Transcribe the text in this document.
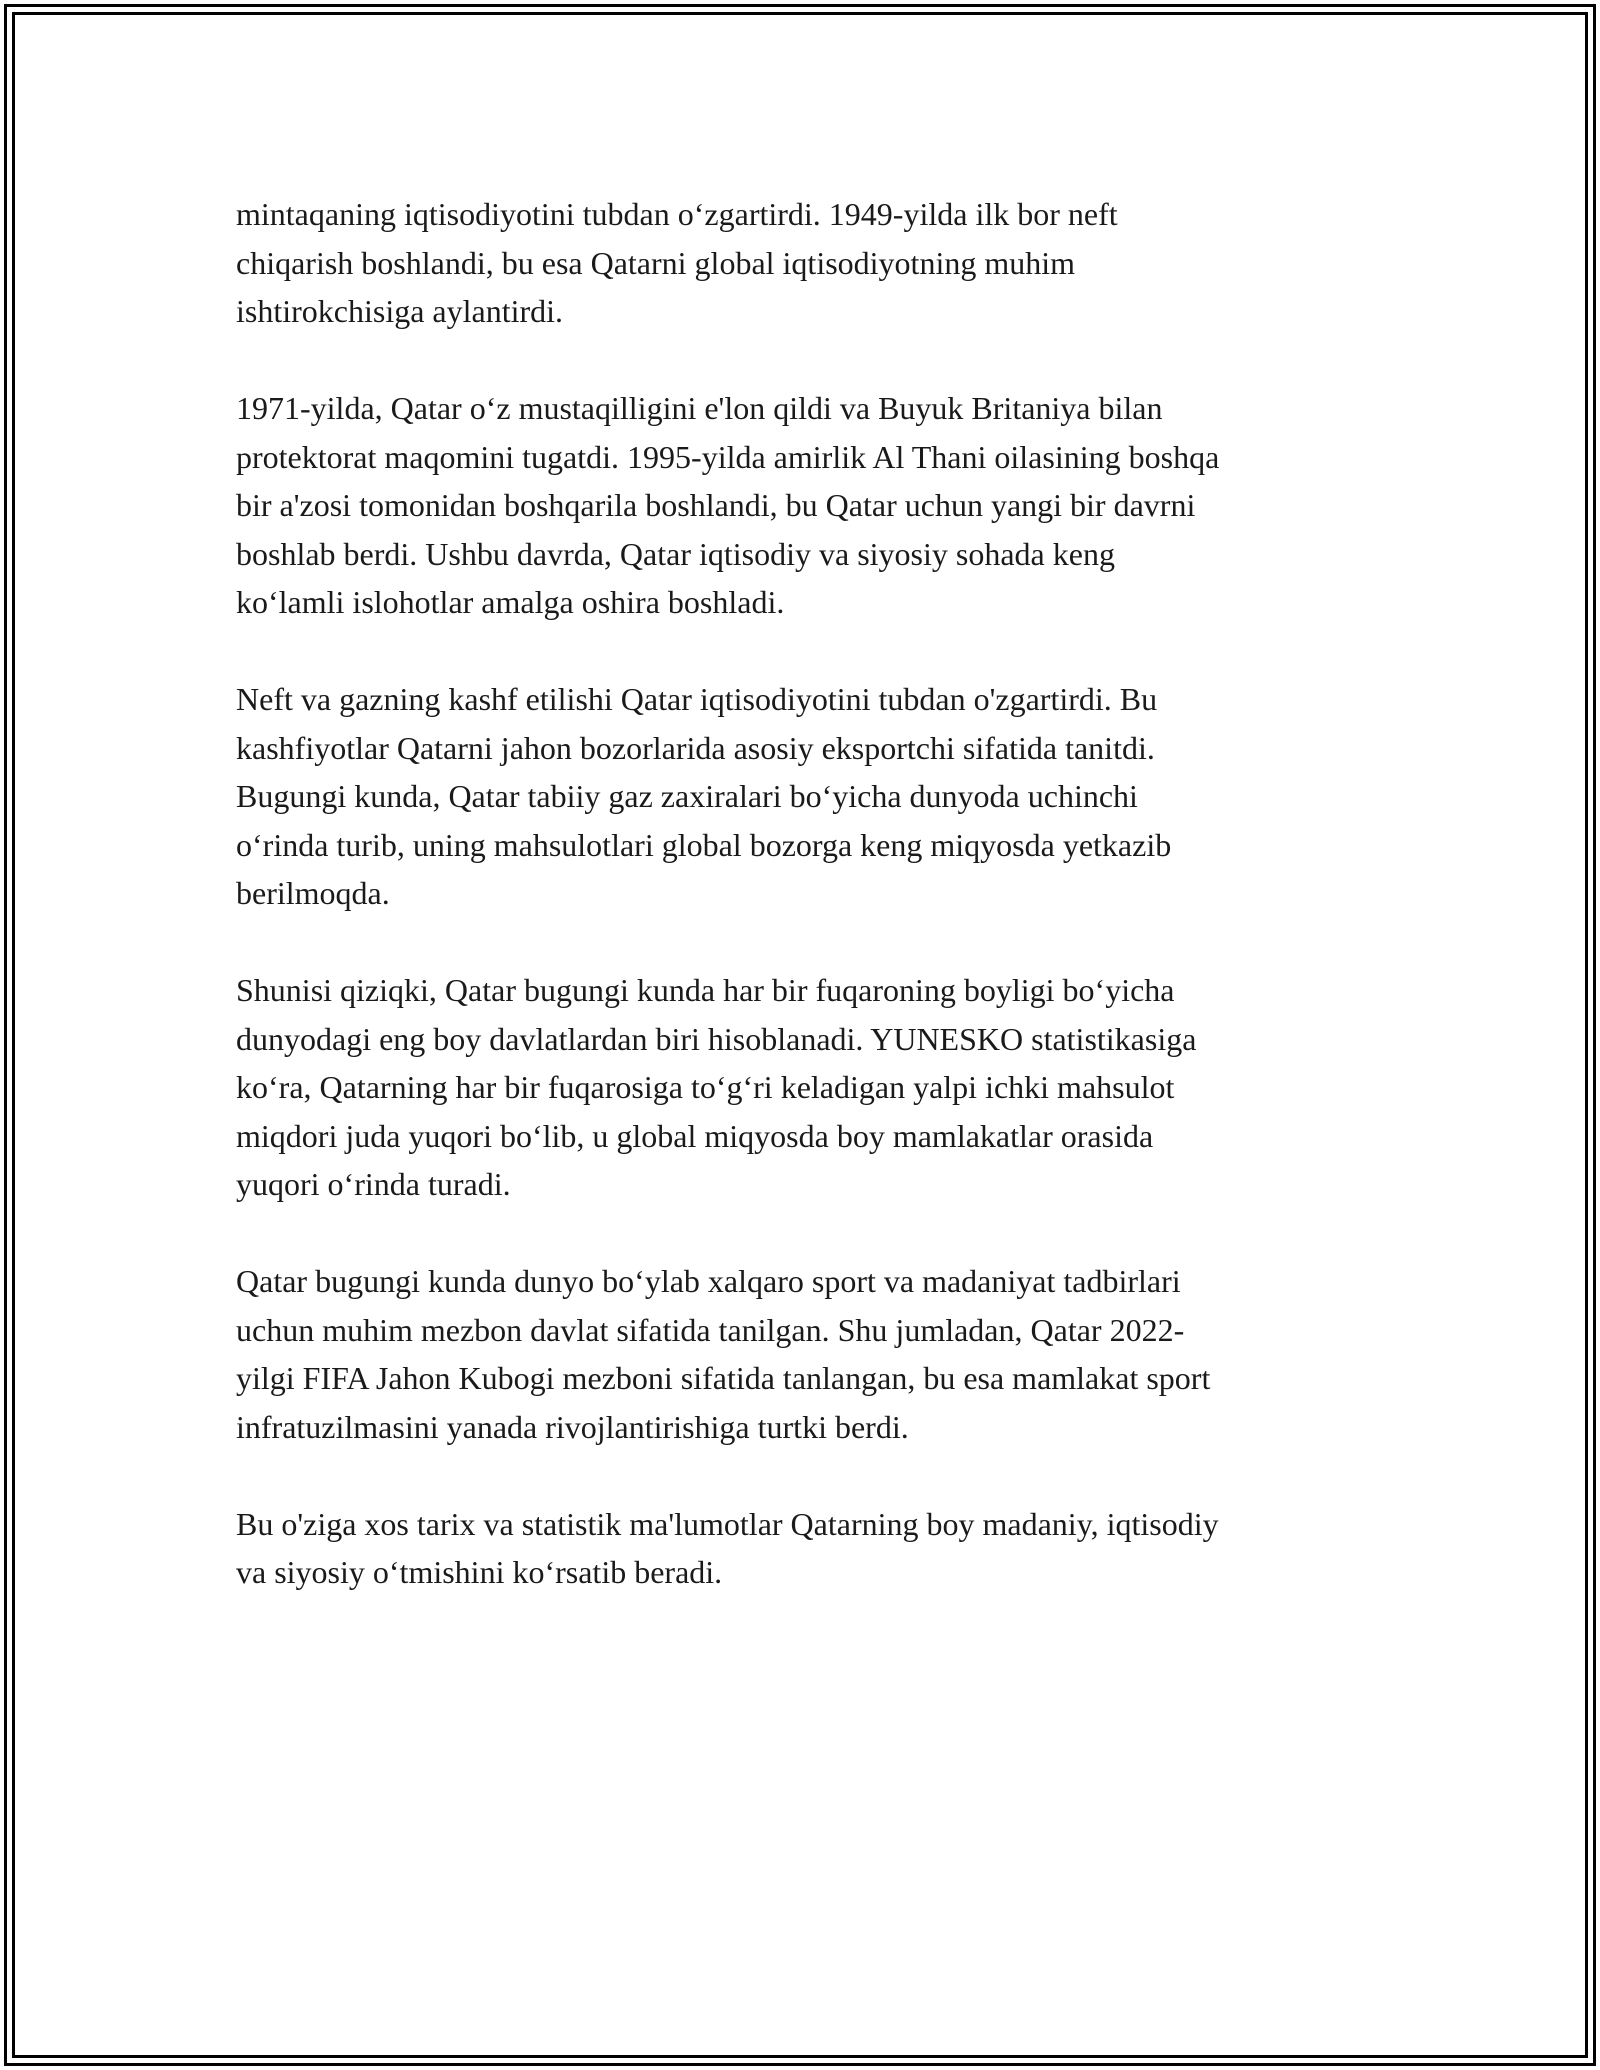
mintaqaning iqtisodiyotini tubdan o‘zgartirdi. 1949-yilda ilk bor neft
chiqarish boshlandi, bu esa Qatarni global iqtisodiyotning muhim
ishtirokchisiga aylantirdi.

1971-yilda, Qatar o‘z mustaqilligini e'lon qildi va Buyuk Britaniya bilan
protektorat maqomini tugatdi. 1995-yilda amirlik Al Thani oilasining boshqa
bir a'zosi tomonidan boshqarila boshlandi, bu Qatar uchun yangi bir davrni
boshlab berdi. Ushbu davrda, Qatar iqtisodiy va siyosiy sohada keng
ko‘lamli islohotlar amalga oshira boshladi.

Neft va gazning kashf etilishi Qatar iqtisodiyotini tubdan o'zgartirdi. Bu
kashfiyotlar Qatarni jahon bozorlarida asosiy eksportchi sifatida tanitdi.
Bugungi kunda, Qatar tabiiy gaz zaxiralari bo‘yicha dunyoda uchinchi
o‘rinda turib, uning mahsulotlari global bozorga keng miqyosda yetkazib
berilmoqda.

Shunisi qiziqki, Qatar bugungi kunda har bir fuqaroning boyligi bo‘yicha
dunyodagi eng boy davlatlardan biri hisoblanadi. YUNESKO statistikasiga
ko‘ra, Qatarning har bir fuqarosiga to‘g‘ri keladigan yalpi ichki mahsulot
miqdori juda yuqori bo‘lib, u global miqyosda boy mamlakatlar orasida
yuqori o‘rinda turadi.

Qatar bugungi kunda dunyo bo‘ylab xalqaro sport va madaniyat tadbirlari
uchun muhim mezbon davlat sifatida tanilgan. Shu jumladan, Qatar 2022-
yilgi FIFA Jahon Kubogi mezboni sifatida tanlangan, bu esa mamlakat sport
infratuzilmasini yanada rivojlantirishiga turtki berdi.

Bu o'ziga xos tarix va statistik ma'lumotlar Qatarning boy madaniy, iqtisodiy
va siyosiy o‘tmishini ko‘rsatib beradi.
